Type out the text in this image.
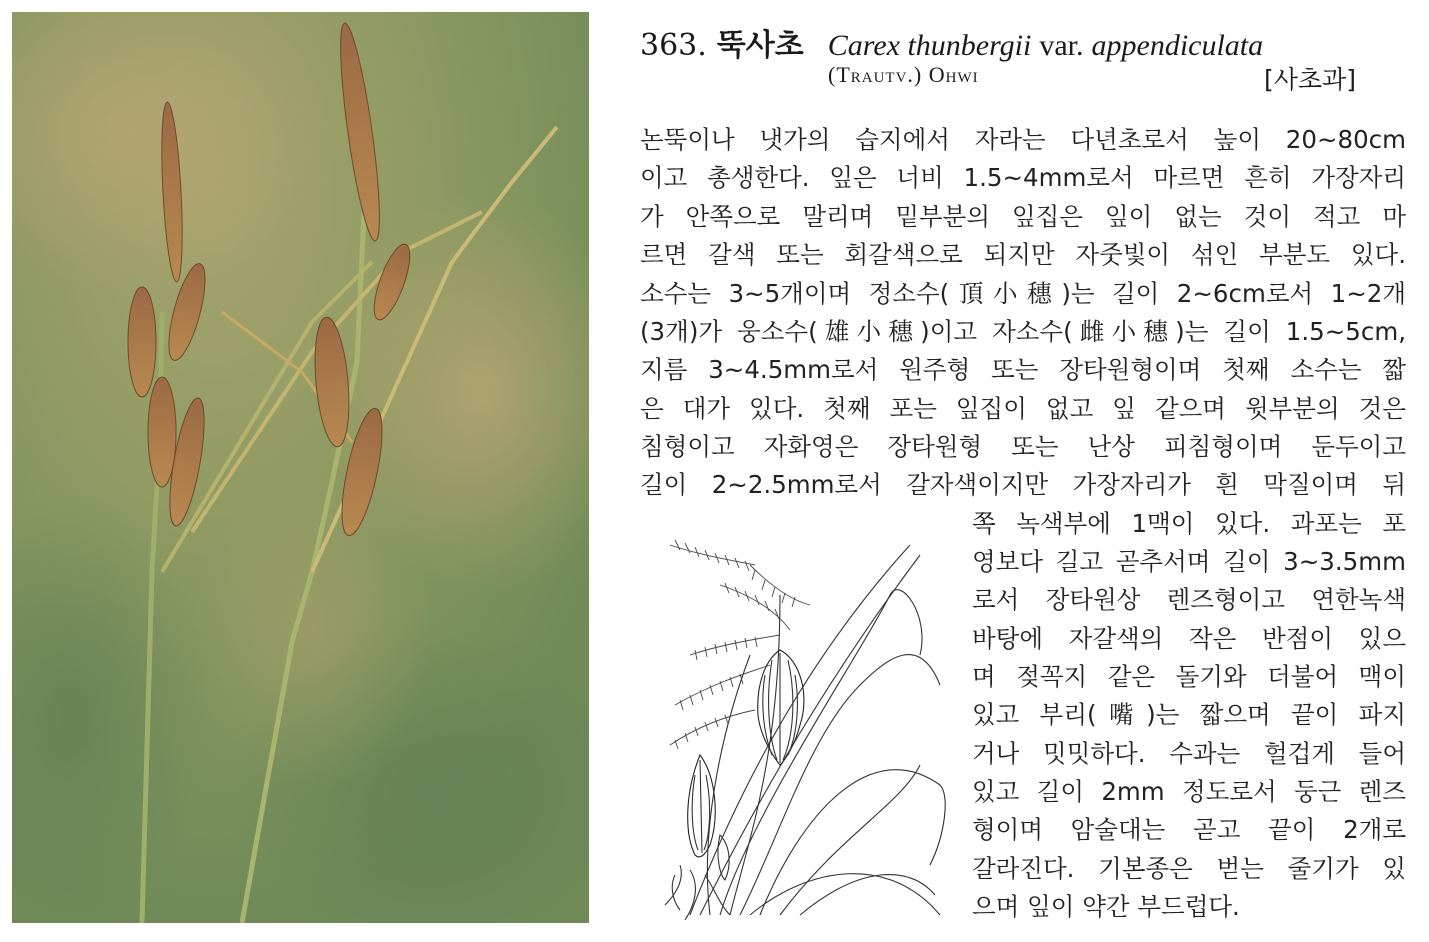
363. 뚝사초 Carex thunbergii var. appendiculata
(Trautv.) Ohwi	[사초과]
논뚝이나 냇가의 습지에서 자라는 다년초로서 높이 20~80cm
이고 총생한다. 잎은 너비 1.5~4mm로서 마르면 흔히 가장자리
가 안쪽으로 말리며 밑부분의 잎집은 잎이 없는 것이 적고 마
르면 갈색 또는 회갈색으로 되지만 자줏빛이 섞인 부분도 있다.
소수는 3~5개이며 정소수(頂小穗)는 길이 2~6cm로서 1~2개
(3개)가 웅소수(雄小穗)이고 자소수(雌小穗)는 길이 1.5~5cm,
지름 3~4.5mm로서 원주형 또는 장타원형이며 첫째 소수는 짧
은 대가 있다. 첫째 포는 잎집이 없고 잎 같으며 윗부분의 것은
침형이고 자화영은 장타원형 또는 난상 피침형이며 둔두이고
길이 2~2.5mm로서 갈자색이지만 가장자리가 흰 막질이며 뒤
쪽 녹색부에 1맥이 있다. 과포는 포
영보다 길고 곧추서며 길이 3~3.5mm
로서 장타원상 렌즈형이고 연한녹색
바탕에 자갈색의 작은 반점이 있으
며 젖꼭지 같은 돌기와 더불어 맥이
있고 부리(嘴)는 짧으며 끝이 파지
거나 밋밋하다. 수과는 헐겁게 들어
있고 길이 2mm 정도로서 둥근 렌즈
형이며 암술대는 곧고 끝이 2개로
갈라진다. 기본종은 벋는 줄기가 있
으며 잎이 약간 부드럽다.
